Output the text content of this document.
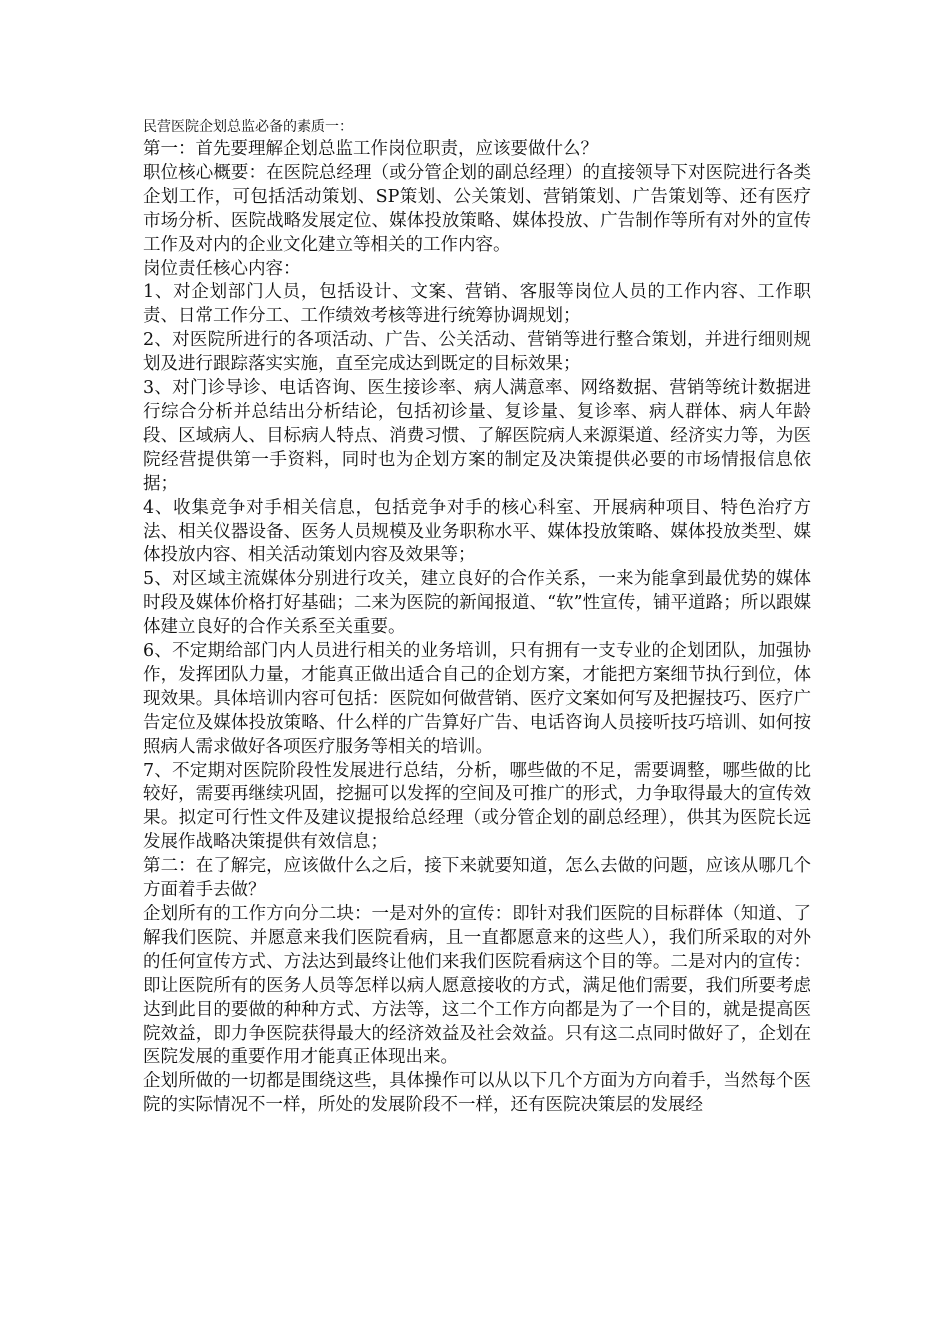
民营医院企划总监必备的素质一：

第一：首先要理解企划总监工作岗位职责，应该要做什么？

职位核心概要：在医院总经理（或分管企划的副总经理）的直接领导下对医院进行各类企划工作，可包括活动策划、SP策划、公关策划、营销策划、广告策划等、还有医疗市场分析、医院战略发展定位、媒体投放策略、媒体投放、广告制作等所有对外的宣传工作及对内的企业文化建立等相关的工作内容。

岗位责任核心内容：

1、对企划部门人员，包括设计、文案、营销、客服等岗位人员的工作内容、工作职责、日常工作分工、工作绩效考核等进行统筹协调规划；

2、对医院所进行的各项活动、广告、公关活动、营销等进行整合策划，并进行细则规划及进行跟踪落实实施，直至完成达到既定的目标效果；

3、对门诊导诊、电话咨询、医生接诊率、病人满意率、网络数据、营销等统计数据进行综合分析并总结出分析结论，包括初诊量、复诊量、复诊率、病人群体、病人年龄段、区域病人、目标病人特点、消费习惯、了解医院病人来源渠道、经济实力等，为医院经营提供第一手资料，同时也为企划方案的制定及决策提供必要的市场情报信息依据；

4、收集竞争对手相关信息，包括竞争对手的核心科室、开展病种项目、特色治疗方法、相关仪器设备、医务人员规模及业务职称水平、媒体投放策略、媒体投放类型、媒体投放内容、相关活动策划内容及效果等；

5、对区域主流媒体分别进行攻关，建立良好的合作关系，一来为能拿到最优势的媒体时段及媒体价格打好基础；二来为医院的新闻报道、“软”性宣传，铺平道路；所以跟媒体建立良好的合作关系至关重要。

6、不定期给部门内人员进行相关的业务培训，只有拥有一支专业的企划团队，加强协作，发挥团队力量，才能真正做出适合自己的企划方案，才能把方案细节执行到位，体现效果。具体培训内容可包括：医院如何做营销、医疗文案如何写及把握技巧、医疗广告定位及媒体投放策略、什么样的广告算好广告、电话咨询人员接听技巧培训、如何按照病人需求做好各项医疗服务等相关的培训。

7、不定期对医院阶段性发展进行总结，分析，哪些做的不足，需要调整，哪些做的比较好，需要再继续巩固，挖掘可以发挥的空间及可推广的形式，力争取得最大的宣传效果。拟定可行性文件及建议提报给总经理（或分管企划的副总经理），供其为医院长远发展作战略决策提供有效信息；

第二：在了解完，应该做什么之后，接下来就要知道，怎么去做的问题，应该从哪几个方面着手去做？

企划所有的工作方向分二块：一是对外的宣传：即针对我们医院的目标群体（知道、了解我们医院、并愿意来我们医院看病，且一直都愿意来的这些人），我们所采取的对外的任何宣传方式、方法达到最终让他们来我们医院看病这个目的等。二是对内的宣传：即让医院所有的医务人员等怎样以病人愿意接收的方式，满足他们需要，我们所要考虑达到此目的要做的种种方式、方法等，这二个工作方向都是为了一个目的，就是提高医院效益，即力争医院获得最大的经济效益及社会效益。只有这二点同时做好了，企划在医院发展的重要作用才能真正体现出来。

企划所做的一切都是围绕这些，具体操作可以从以下几个方面为方向着手，当然每个医院的实际情况不一样，所处的发展阶段不一样，还有医院决策层的发展经
